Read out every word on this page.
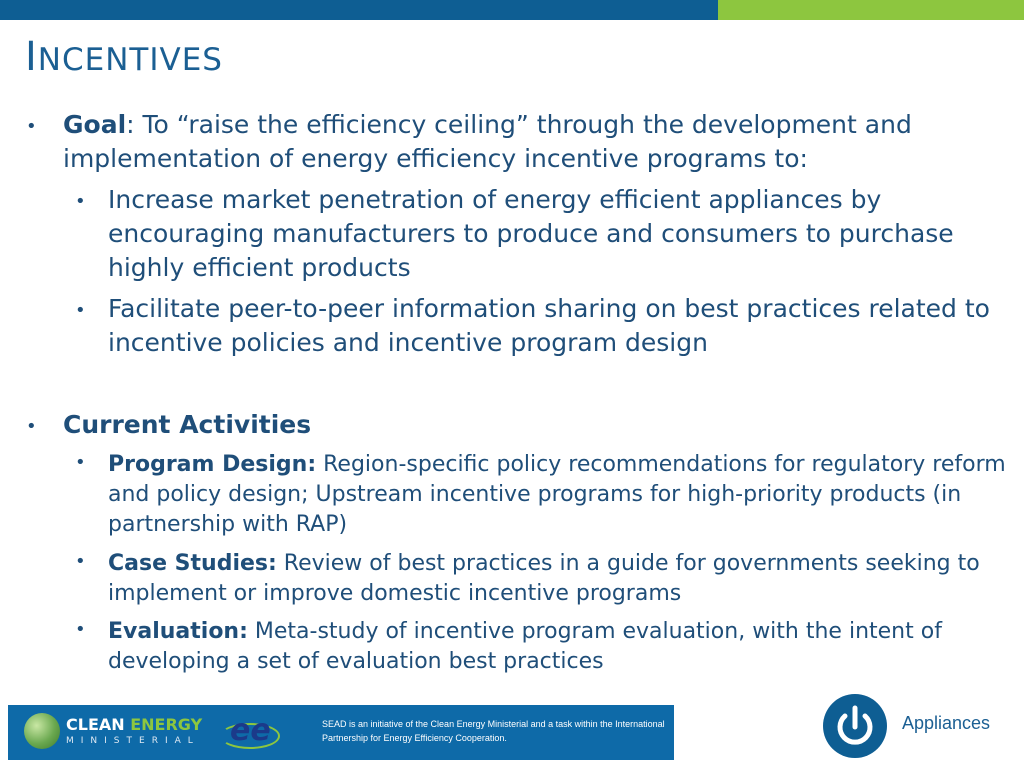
INCENTIVES
• Goal: To “raise the efficiency ceiling” through the development and implementation of energy efficiency incentive programs to:
• Increase market penetration of energy efficient appliances by encouraging manufacturers to produce and consumers to purchase highly efficient products
• Facilitate peer-to-peer information sharing on best practices related to incentive policies and incentive program design
• Current Activities
• Program Design: Region-specific policy recommendations for regulatory reform and policy design; Upstream incentive programs for high-priority products (in partnership with RAP)
• Case Studies: Review of best practices in a guide for governments seeking to implement or improve domestic incentive programs
• Evaluation: Meta-study of incentive program evaluation, with the intent of developing a set of evaluation best practices
CLEAN ENERGY
MINISTERIAL ee	SEAD is an initiative of the Clean Energy Ministerial and a task within the International Partnership for Energy Efficiency Cooperation.
Appliances
